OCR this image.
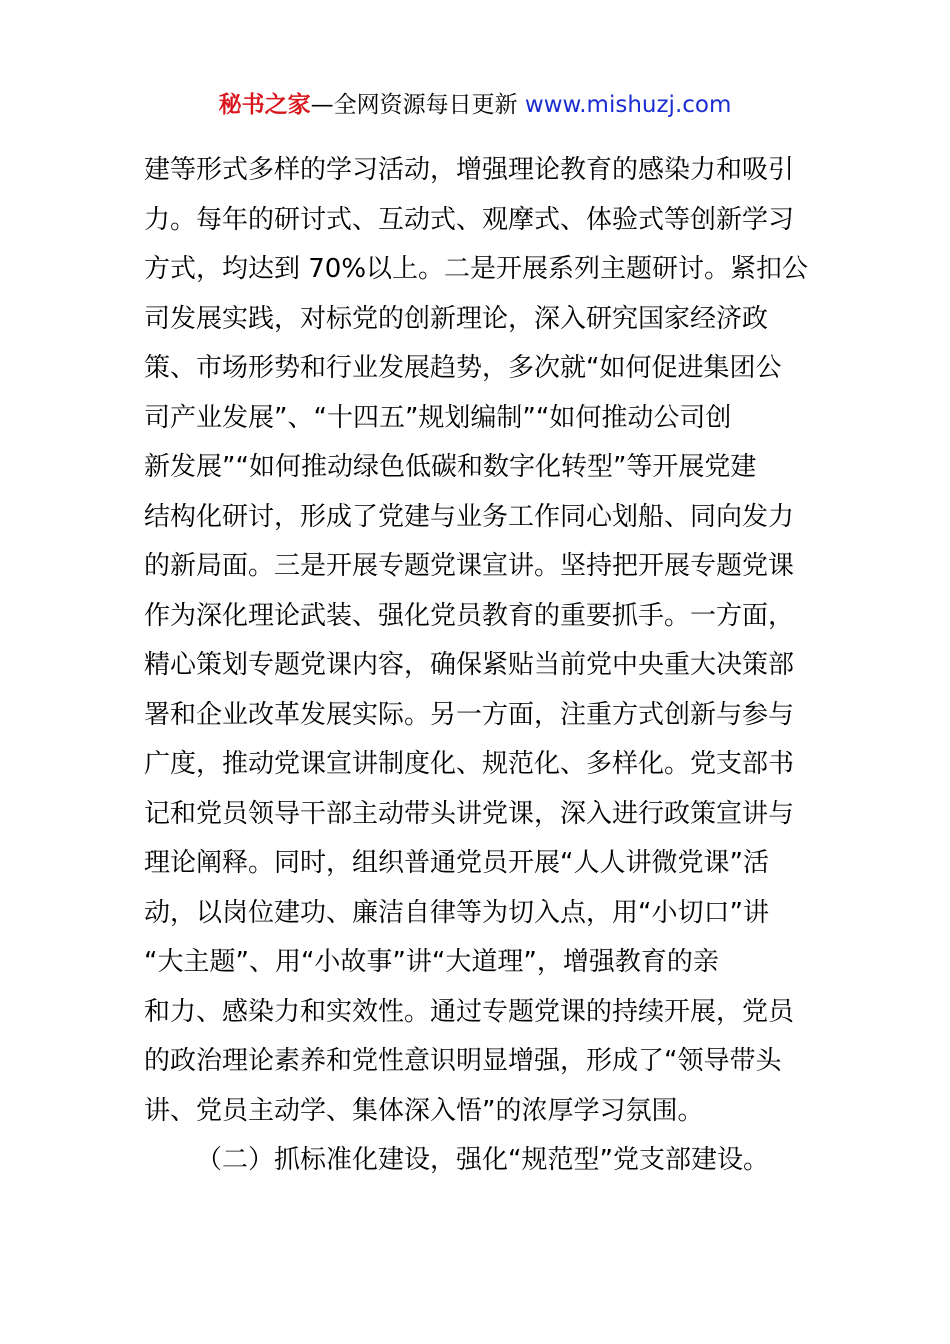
秘书之家—全网资源每日更新 www.mishuzj.com
建等形式多样的学习活动，增强理论教育的感染力和吸引
力。每年的研讨式、互动式、观摩式、体验式等创新学习
方式，均达到 70%以上。二是开展系列主题研讨。紧扣公
司发展实践，对标党的创新理论，深入研究国家经济政
策、市场形势和行业发展趋势，多次就“如何促进集团公
司产业发展”、“十四五”规划编制”“如何推动公司创
新发展”“如何推动绿色低碳和数字化转型”等开展党建
结构化研讨，形成了党建与业务工作同心划船、同向发力
的新局面。三是开展专题党课宣讲。坚持把开展专题党课
作为深化理论武装、强化党员教育的重要抓手。一方面，
精心策划专题党课内容，确保紧贴当前党中央重大决策部
署和企业改革发展实际。另一方面，注重方式创新与参与
广度，推动党课宣讲制度化、规范化、多样化。党支部书
记和党员领导干部主动带头讲党课，深入进行政策宣讲与
理论阐释。同时，组织普通党员开展“人人讲微党课”活
动，以岗位建功、廉洁自律等为切入点，用“小切口”讲
“大主题”、用“小故事”讲“大道理”，增强教育的亲
和力、感染力和实效性。通过专题党课的持续开展，党员
的政治理论素养和党性意识明显增强，形成了“领导带头
讲、党员主动学、集体深入悟”的浓厚学习氛围。
（二）抓标准化建设，强化“规范型”党支部建设。
